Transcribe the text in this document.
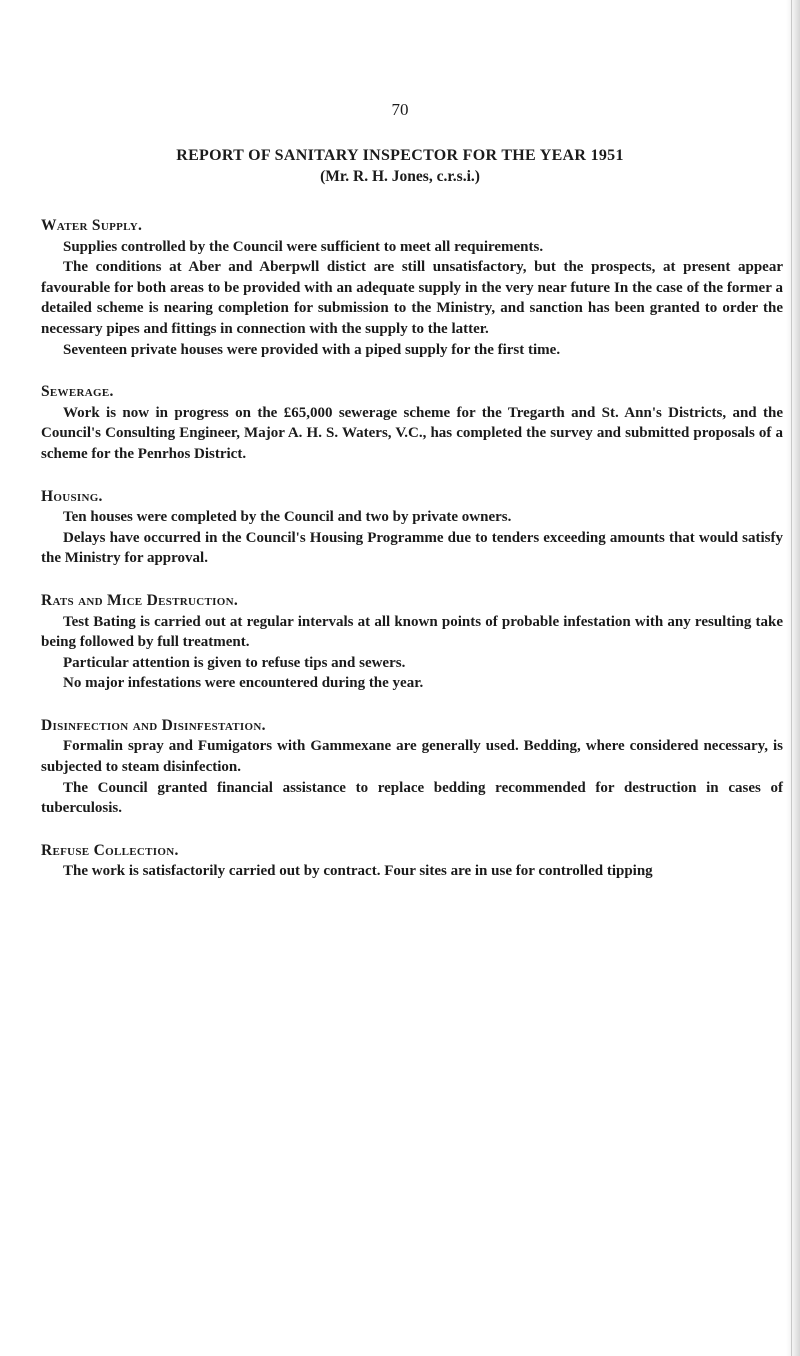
70
REPORT OF SANITARY INSPECTOR FOR THE YEAR 1951
(Mr. R. H. Jones, c.r.s.i.)

Water Supply.

Supplies controlled by the Council were sufficient to meet all requirements.

The conditions at Aber and Aberpwll distict are still unsatisfactory, but the prospects, at present appear favourable for both areas to be provided with an adequate supply in the very near future In the case of the former a detailed scheme is nearing completion for submission to the Ministry, and sanction has been granted to order the necessary pipes and fittings in connection with the supply to the latter.

Seventeen private houses were provided with a piped supply for the first time.

Sewerage.

Work is now in progress on the £65,000 sewerage scheme for the Tregarth and St. Ann's Districts, and the Council's Consulting Engineer, Major A. H. S. Waters, V.C., has completed the survey and submitted proposals of a scheme for the Penrhos District.

Housing.

Ten houses were completed by the Council and two by private owners.

Delays have occurred in the Council's Housing Programme due to tenders exceeding amounts that would satisfy the Ministry for approval.

Rats and Mice Destruction.

Test Bating is carried out at regular intervals at all known points of probable infestation with any resulting take being followed by full treatment.

Particular attention is given to refuse tips and sewers.

No major infestations were encountered during the year.

Disinfection and Disinfestation.

Formalin spray and Fumigators with Gammexane are generally used. Bedding, where considered necessary, is subjected to steam disinfection.

The Council granted financial assistance to replace bedding recommended for destruction in cases of tuberculosis.

Refuse Collection.

The work is satisfactorily carried out by contract. Four sites are in use for controlled tipping
